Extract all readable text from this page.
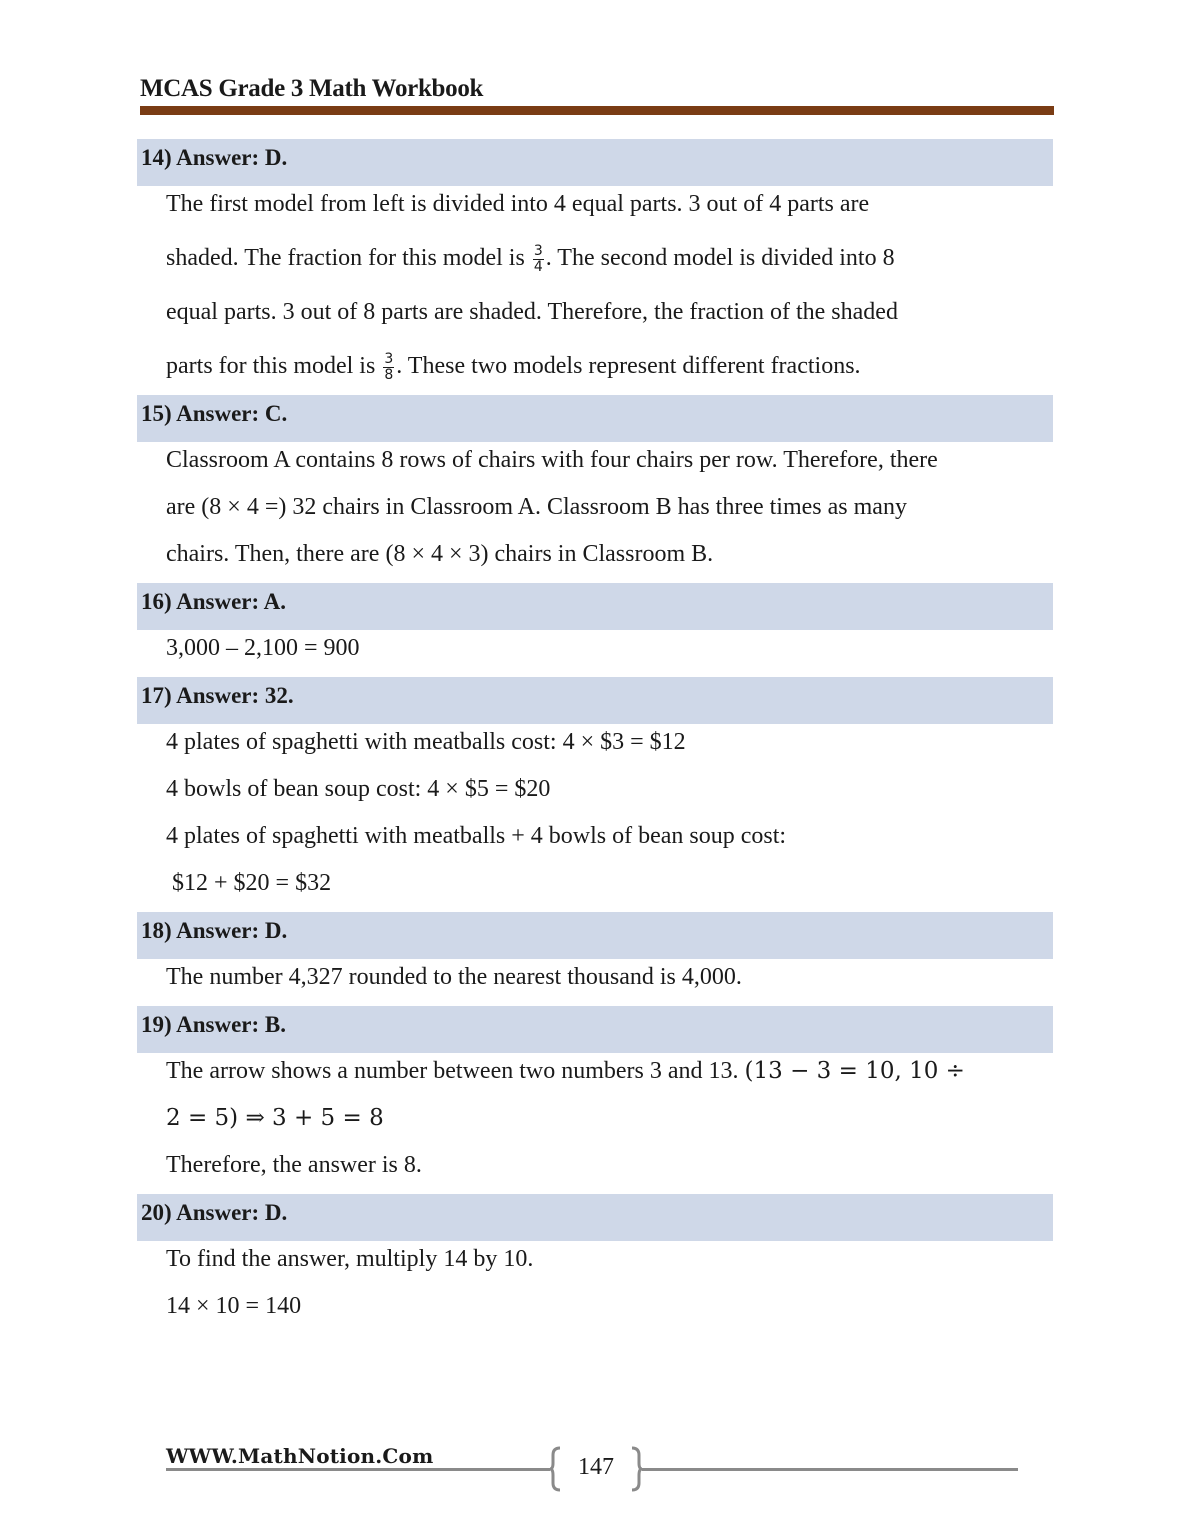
MCAS Grade 3 Math Workbook
14) Answer: D.
The first model from left is divided into 4 equal parts. 3 out of 4 parts are
shaded. The fraction for this model is $\frac{3}{4}$ . The second model is divided into 8
equal parts. 3 out of 8 parts are shaded. Therefore, the fraction of the shaded
parts for this model is $\frac{3}{8}$ . These two models represent different fractions.
15) Answer: C.
Classroom A contains 8 rows of chairs with four chairs per row. Therefore, there
are (8 × 4 =) 32 chairs in Classroom A. Classroom B has three times as many
chairs. Then, there are (8 × 4 × 3) chairs in Classroom B.
16) Answer: A.
3,000 – 2,100 = 900
17) Answer: 32.
4 plates of spaghetti with meatballs cost: 4 × $3 = $12
4 bowls of bean soup cost: 4 × $5 = $20
4 plates of spaghetti with meatballs + 4 bowls of bean soup cost:
$12 + $20 = $32
18) Answer: D.
The number 4,327 rounded to the nearest thousand is 4,000.
19) Answer: B.
The arrow shows a number between two numbers 3 and 13. (13 − 3 = 10, 10 ÷
2 = 5) ⇒ 3 + 5 = 8
Therefore, the answer is 8.
20) Answer: D.
To find the answer, multiply 14 by 10.
14 × 10 = 140
WWW.MathNotion.Com	147
